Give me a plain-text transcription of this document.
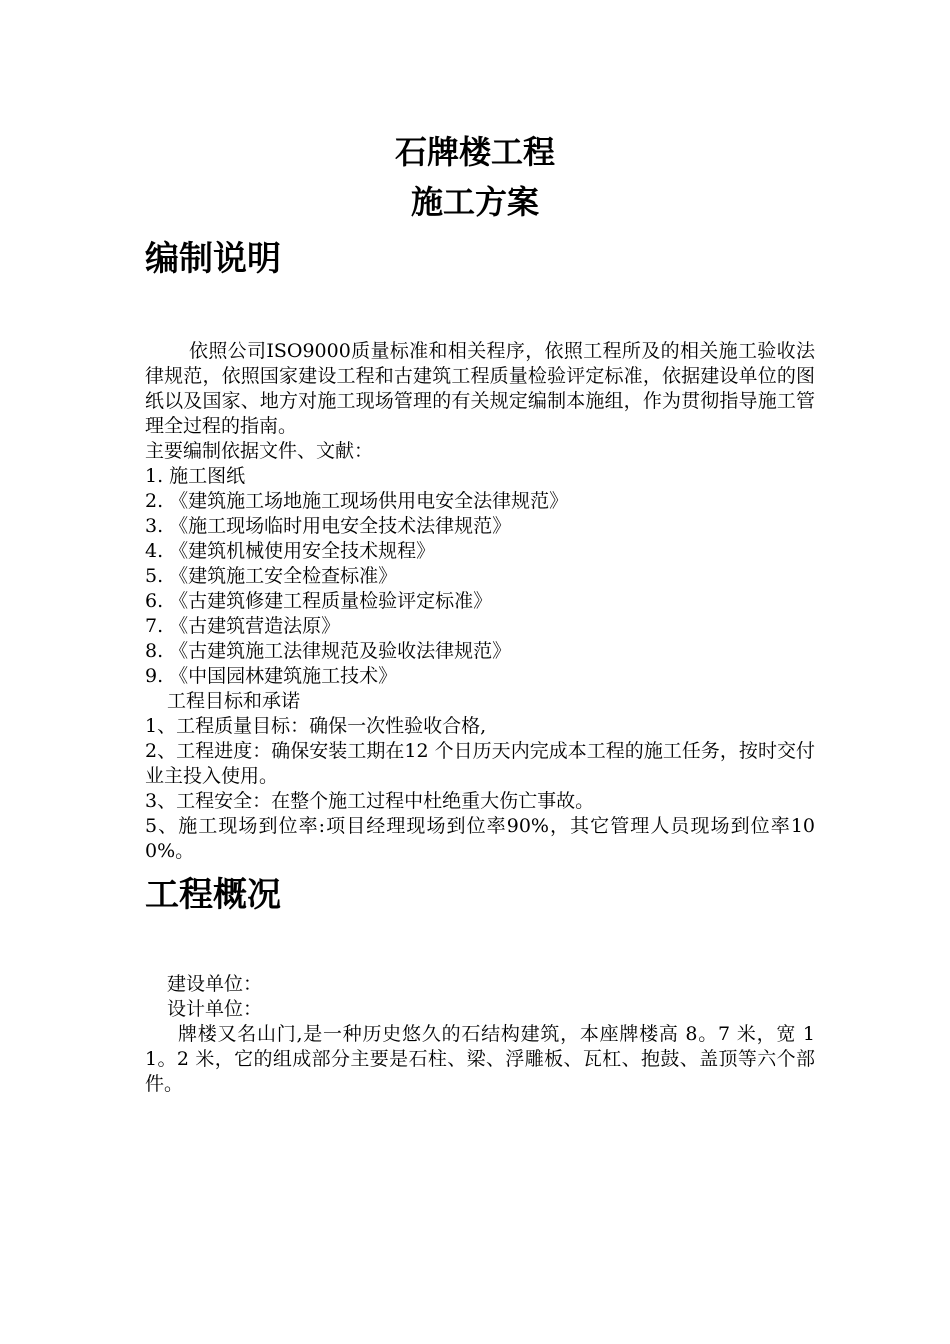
石牌楼工程
施工方案
编制说明

依照公司ISO9000质量标准和相关程序，依照工程所及的相关施工验收法律规范，依照国家建设工程和古建筑工程质量检验评定标准，依据建设单位的图纸以及国家、地方对施工现场管理的有关规定编制本施组，作为贯彻指导施工管理全过程的指南。

主要编制依据文件、文献：

1. 施工图纸

2. 《建筑施工场地施工现场供用电安全法律规范》

3. 《施工现场临时用电安全技术法律规范》

4. 《建筑机械使用安全技术规程》

5. 《建筑施工安全检查标准》

6. 《古建筑修建工程质量检验评定标准》

7. 《古建筑营造法原》

8. 《古建筑施工法律规范及验收法律规范》

9. 《中国园林建筑施工技术》

工程目标和承诺

1、工程质量目标：确保一次性验收合格,

2、工程进度：确保安装工期在12 个日历天内完成本工程的施工任务，按时交付业主投入使用。

3、工程安全：在整个施工过程中杜绝重大伤亡事故。

5、施工现场到位率:项目经理现场到位率90%，其它管理人员现场到位率100%。

工程概况

建设单位：

设计单位：

牌楼又名山门,是一种历史悠久的石结构建筑，本座牌楼高 8。7 米，宽 11。2 米，它的组成部分主要是石柱、梁、浮雕板、瓦杠、抱鼓、盖顶等六个部件。
